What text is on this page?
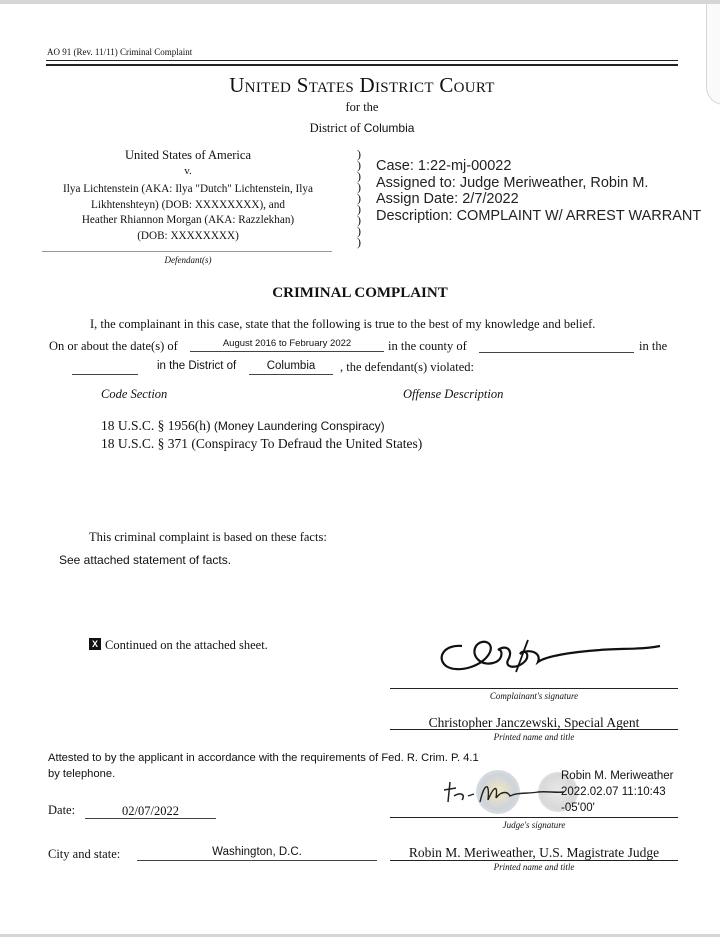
AO 91 (Rev. 11/11) Criminal Complaint
United States District Court
for the
District of Columbia
United States of America
v.
Ilya Lichtenstein (AKA: Ilya "Dutch" Lichtenstein, Ilya
Likhtenshteyn) (DOB: XXXXXXXX), and
Heather Rhiannon Morgan (AKA: Razzlekhan)
(DOB: XXXXXXXX)
Defendant(s)
)
)
)
)
)
)
)
)
)
Case: 1:22-mj-00022
Assigned to: Judge Meriweather, Robin M.
Assign Date: 2/7/2022
Description: COMPLAINT W/ ARREST WARRANT
CRIMINAL COMPLAINT
I, the complainant in this case, state that the following is true to the best of my knowledge and belief.
On or about the date(s) of	August 2016 to February 2022	in the county of	in the
in the District of	Columbia	, the defendant(s) violated:
Code Section	Offense Description
18 U.S.C. § 1956(h) (Money Laundering Conspiracy)
18 U.S.C. § 371 (Conspiracy To Defraud the United States)
This criminal complaint is based on these facts:
See attached statement of facts.
X Continued on the attached sheet.
Complainant's signature
Christopher Janczewski, Special Agent
Printed name and title
Attested to by the applicant in accordance with the requirements of Fed. R. Crim. P. 4.1
by telephone.	Robin M. Meriweather
2022.02.07 11:10:43
-05'00'
Date:	02/07/2022
Judge's signature
City and state:	Washington, D.C.	Robin M. Meriweather, U.S. Magistrate Judge
Printed name and title
